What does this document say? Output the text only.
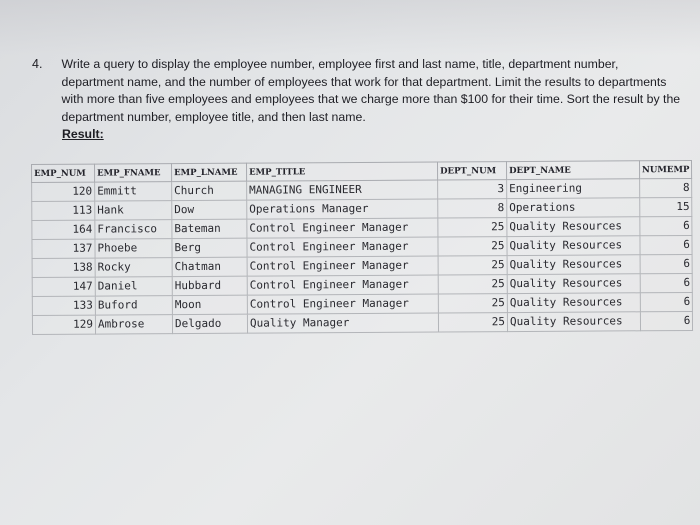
4.	Write a query to display the employee number, employee first and last name, title, department number, department name, and the number of employees that work for that department. Limit the results to departments with more than five employees and employees that we charge more than $100 for their time. Sort the result by the department number, employee title, and then last name.
Result:
EMP_NUM	EMP_FNAME	EMP_LNAME	EMP_TITLE	DEPT_NUM	DEPT_NAME	NUMEMP
120	Emmitt	Church	MANAGING ENGINEER	3	Engineering	8
113	Hank	Dow	Operations Manager	8	Operations	15
164	Francisco	Bateman	Control Engineer Manager	25	Quality Resources	6
137	Phoebe	Berg	Control Engineer Manager	25	Quality Resources	6
138	Rocky	Chatman	Control Engineer Manager	25	Quality Resources	6
147	Daniel	Hubbard	Control Engineer Manager	25	Quality Resources	6
133	Buford	Moon	Control Engineer Manager	25	Quality Resources	6
129	Ambrose	Delgado	Quality Manager	25	Quality Resources	6
